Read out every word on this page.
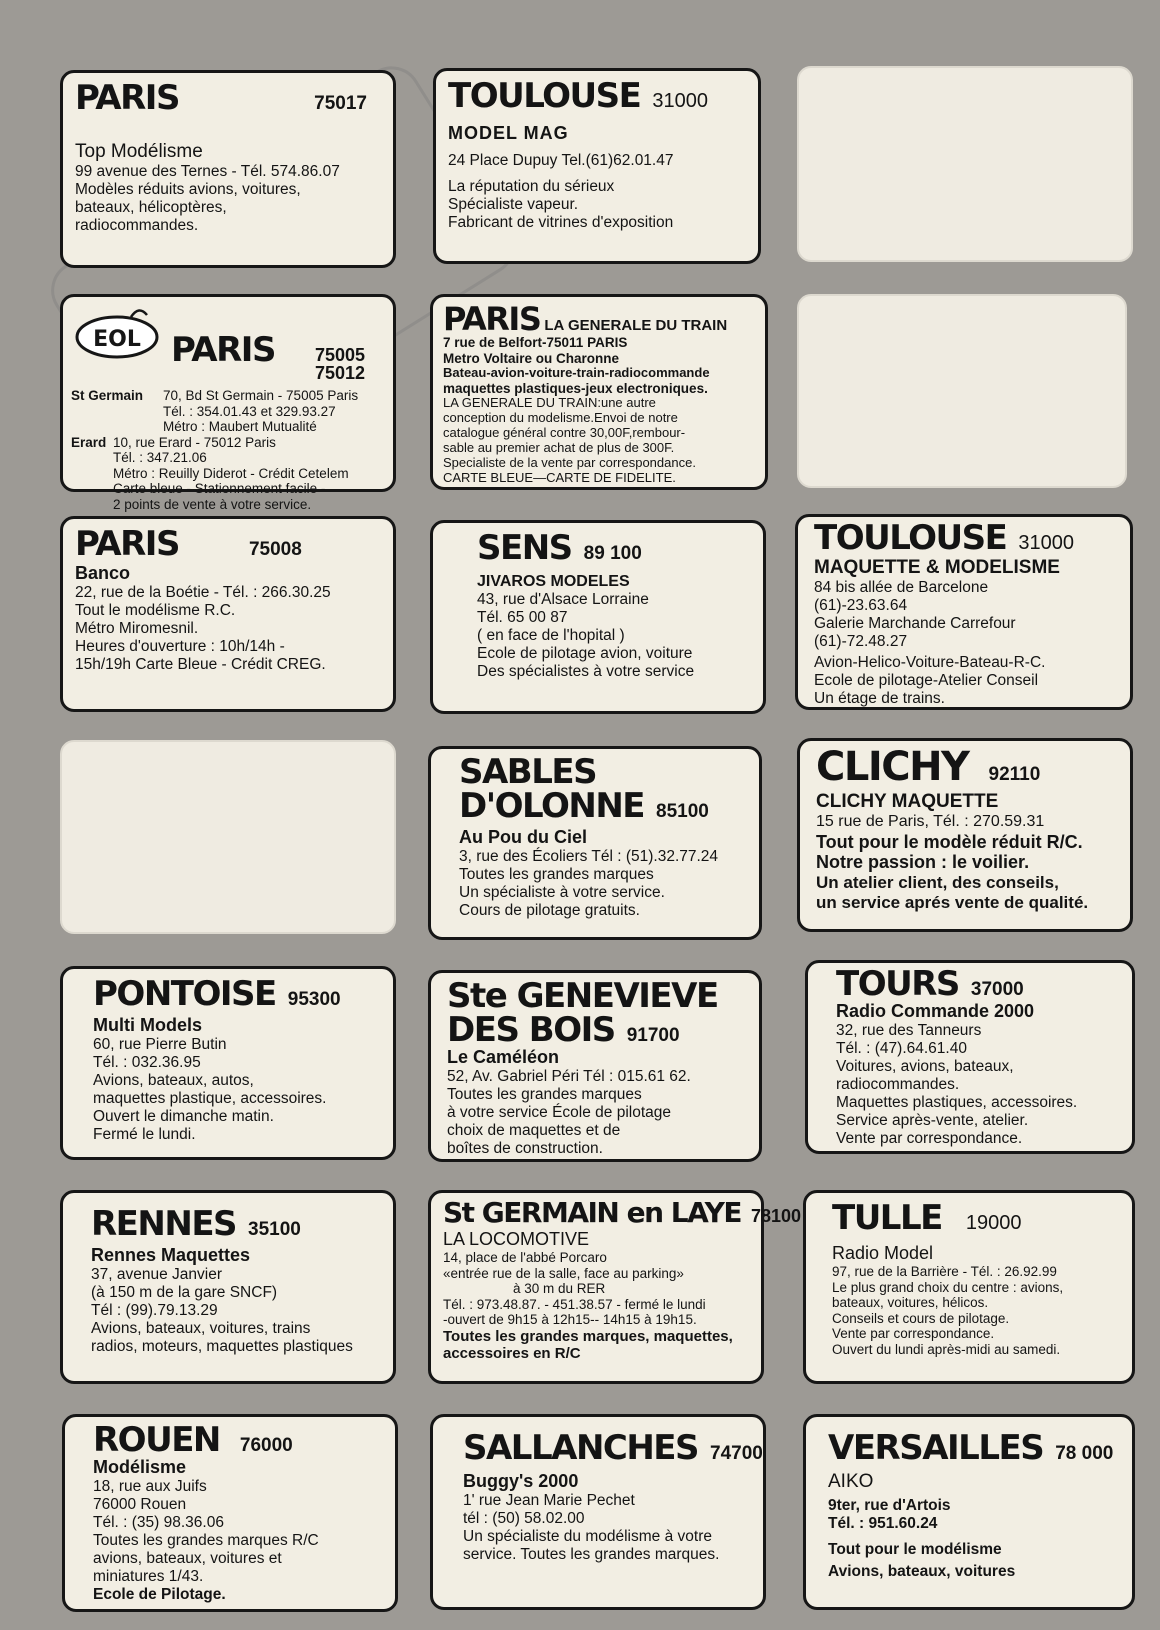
PARIS	75017
Top Modélisme
99 avenue des Ternes - Tél. 574.86.07
Modèles réduits avions, voitures,
bateaux, hélicoptères,
radiocommandes.
TOULOUSE 31000
MODEL MAG
24 Place Dupuy Tel.(61)62.01.47
La réputation du sérieux
Spécialiste vapeur.
Fabricant de vitrines d'exposition
EOL PARIS 75005
75012
St Germain	70, Bd St Germain - 75005 Paris
Tél. : 354.01.43 et 329.93.27
Métro : Maubert Mutualité
Erard 10, rue Erard - 75012 Paris
Tél. : 347.21.06
Métro : Reuilly Diderot - Crédit Cetelem
Carte bleue - Stationnement facile -
2 points de vente à votre service.
PARIS LA GENERALE DU TRAIN
7 rue de Belfort-75011 PARIS
Metro Voltaire ou Charonne
Bateau-avion-voiture-train-radiocommande
maquettes plastiques-jeux electroniques.
LA GENERALE DU TRAIN:une autre
conception du modelisme.Envoi de notre
catalogue général contre 30,00F,rembour-
sable au premier achat de plus de 300F.
Specialiste de la vente par correspondance.
CARTE BLEUE—CARTE DE FIDELITE.
PARIS	75008
Banco
22, rue de la Boétie - Tél. : 266.30.25
Tout le modélisme R.C.
Métro Miromesnil.
Heures d'ouverture : 10h/14h -
15h/19h Carte Bleue - Crédit CREG.
SENS 89 100
JIVAROS MODELES
43, rue d'Alsace Lorraine
Tél. 65 00 87
( en face de l'hopital )
Ecole de pilotage avion, voiture
Des spécialistes à votre service
TOULOUSE 31000
MAQUETTE & MODELISME
84 bis allée de Barcelone
(61)-23.63.64
Galerie Marchande Carrefour
(61)-72.48.27
Avion-Helico-Voiture-Bateau-R-C.
Ecole de pilotage-Atelier Conseil
Un étage de trains.
SABLES
D'OLONNE 85100
Au Pou du Ciel
3, rue des Écoliers Tél : (51).32.77.24
Toutes les grandes marques
Un spécialiste à votre service.
Cours de pilotage gratuits.
CLICHY 92110
CLICHY MAQUETTE
15 rue de Paris, Tél. : 270.59.31
Tout pour le modèle réduit R/C.
Notre passion : le voilier.
Un atelier client, des conseils,
un service aprés vente de qualité.
PONTOISE 95300
Multi Models
60, rue Pierre Butin
Tél. : 032.36.95
Avions, bateaux, autos,
maquettes plastique, accessoires.
Ouvert le dimanche matin.
Fermé le lundi.
Ste GENEVIEVE
DES BOIS 91700
Le Caméléon
52, Av. Gabriel Péri Tél : 015.61 62.
Toutes les grandes marques
à votre service École de pilotage
choix de maquettes et de
boîtes de construction.
TOURS 37000
Radio Commande 2000
32, rue des Tanneurs
Tél. : (47).64.61.40
Voitures, avions, bateaux,
radiocommandes.
Maquettes plastiques, accessoires.
Service après-vente, atelier.
Vente par correspondance.
RENNES 35100
Rennes Maquettes
37, avenue Janvier
(à 150 m de la gare SNCF)
Tél : (99).79.13.29
Avions, bateaux, voitures, trains
radios, moteurs, maquettes plastiques
St GERMAIN en LAYE 78100
LA LOCOMOTIVE
14, place de l'abbé Porcaro
«entrée rue de la salle, face au parking»
à 30 m du RER
Tél. : 973.48.87. - 451.38.57 - fermé le lundi
-ouvert de 9h15 à 12h15-- 14h15 à 19h15.
Toutes les grandes marques, maquettes,
accessoires en R/C
TULLE 19000
Radio Model
97, rue de la Barrière - Tél. : 26.92.99
Le plus grand choix du centre : avions,
bateaux, voitures, hélicos.
Conseils et cours de pilotage.
Vente par correspondance.
Ouvert du lundi après-midi au samedi.
ROUEN 76000
Modélisme
18, rue aux Juifs
76000 Rouen
Tél. : (35) 98.36.06
Toutes les grandes marques R/C
avions, bateaux, voitures et
miniatures 1/43.
Ecole de Pilotage.
SALLANCHES 74700
Buggy's 2000
1' rue Jean Marie Pechet
tél : (50) 58.02.00
Un spécialiste du modélisme à votre
service. Toutes les grandes marques.
VERSAILLES 78 000
AIKO
9ter, rue d'Artois
Tél. : 951.60.24
Tout pour le modélisme
Avions, bateaux, voitures
